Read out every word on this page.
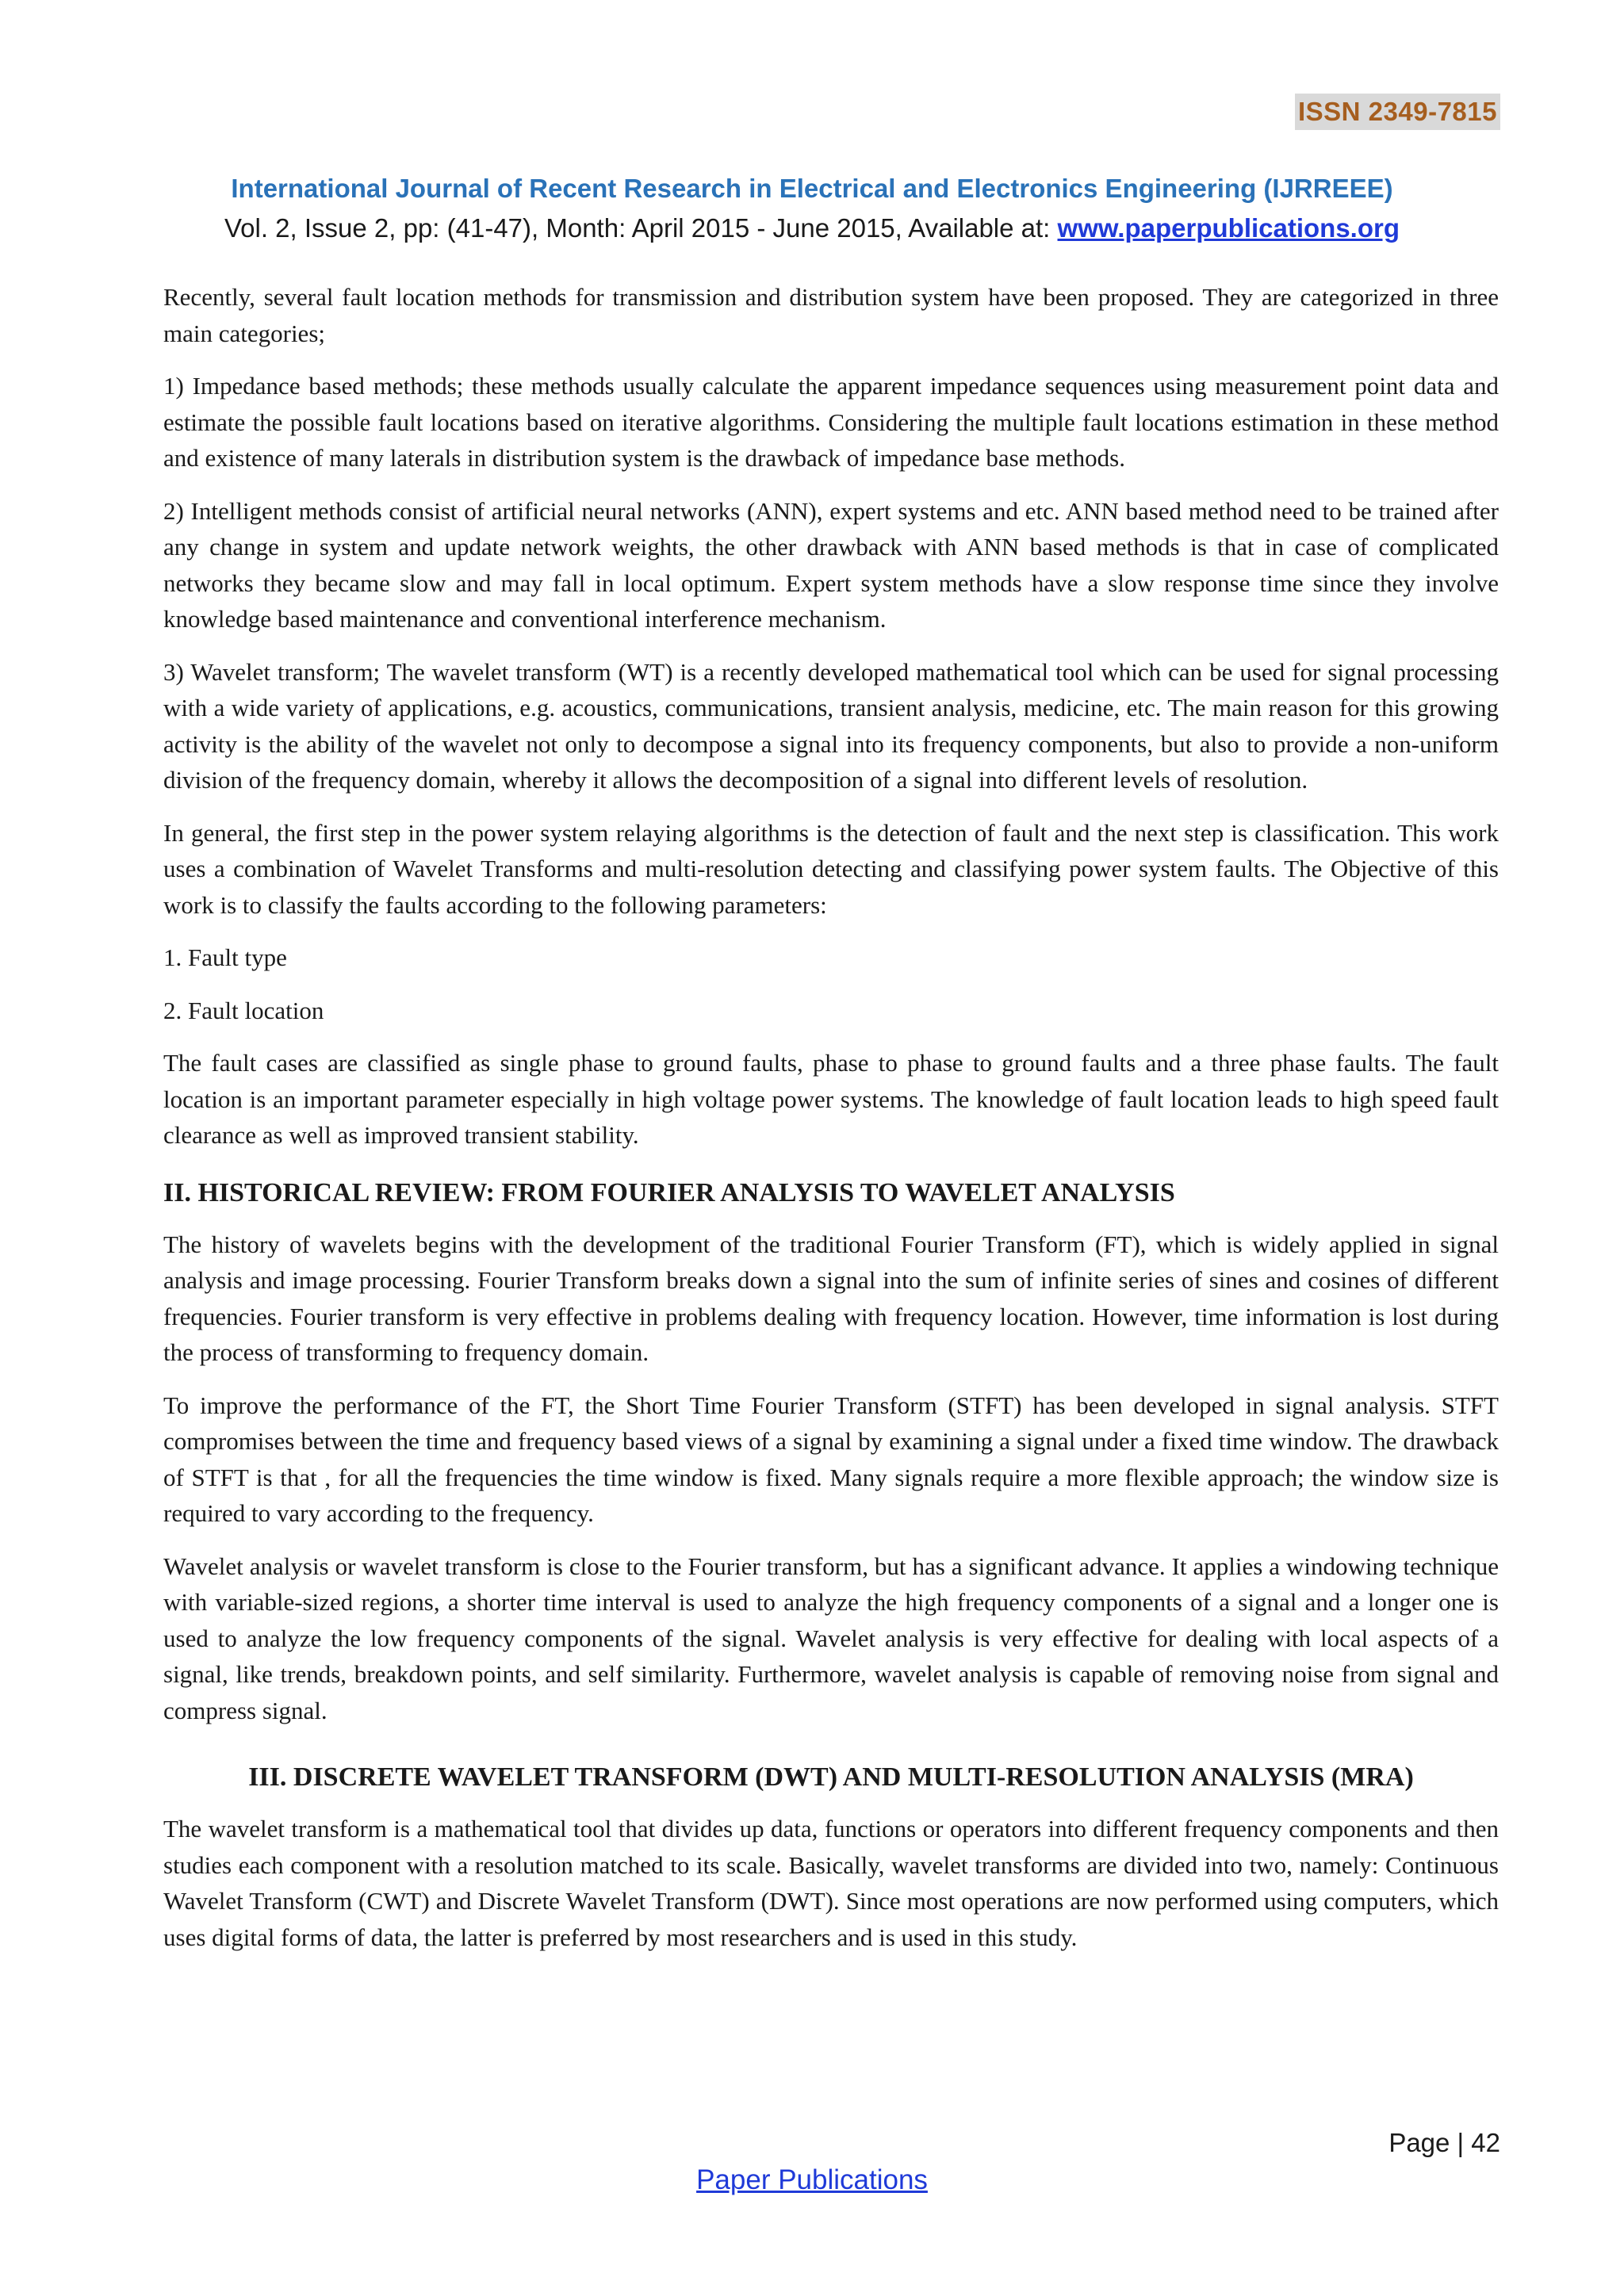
ISSN 2349-7815
International Journal of Recent Research in Electrical and Electronics Engineering (IJRREEE)
Vol. 2, Issue 2, pp: (41-47), Month: April 2015 - June 2015, Available at: www.paperpublications.org

Recently, several fault location methods for transmission and distribution system have been proposed. They are categorized in three main categories;

1) Impedance based methods; these methods usually calculate the apparent impedance sequences using measurement point data and estimate the possible fault locations based on iterative algorithms. Considering the multiple fault locations estimation in these method and existence of many laterals in distribution system is the drawback of impedance base methods.

2) Intelligent methods consist of artificial neural networks (ANN), expert systems and etc. ANN based method need to be trained after any change in system and update network weights, the other drawback with ANN based methods is that in case of complicated networks they became slow and may fall in local optimum. Expert system methods have a slow response time since they involve knowledge based maintenance and conventional interference mechanism.

3) Wavelet transform; The wavelet transform (WT) is a recently developed mathematical tool which can be used for signal processing with a wide variety of applications, e.g. acoustics, communications, transient analysis, medicine, etc. The main reason for this growing activity is the ability of the wavelet not only to decompose a signal into its frequency components, but also to provide a non-uniform division of the frequency domain, whereby it allows the decomposition of a signal into different levels of resolution.

In general, the first step in the power system relaying algorithms is the detection of fault and the next step is classification. This work uses a combination of Wavelet Transforms and multi-resolution detecting and classifying power system faults. The Objective of this work is to classify the faults according to the following parameters:

1. Fault type

2. Fault location

The fault cases are classified as single phase to ground faults, phase to phase to ground faults and a three phase faults. The fault location is an important parameter especially in high voltage power systems. The knowledge of fault location leads to high speed fault clearance as well as improved transient stability.

II. HISTORICAL REVIEW: FROM FOURIER ANALYSIS TO WAVELET ANALYSIS

The history of wavelets begins with the development of the traditional Fourier Transform (FT), which is widely applied in signal analysis and image processing. Fourier Transform breaks down a signal into the sum of infinite series of sines and cosines of different frequencies. Fourier transform is very effective in problems dealing with frequency location. However, time information is lost during the process of transforming to frequency domain.

To improve the performance of the FT, the Short Time Fourier Transform (STFT) has been developed in signal analysis. STFT compromises between the time and frequency based views of a signal by examining a signal under a fixed time window. The drawback of STFT is that , for all the frequencies the time window is fixed. Many signals require a more flexible approach; the window size is required to vary according to the frequency.

Wavelet analysis or wavelet transform is close to the Fourier transform, but has a significant advance. It applies a windowing technique with variable-sized regions, a shorter time interval is used to analyze the high frequency components of a signal and a longer one is used to analyze the low frequency components of the signal. Wavelet analysis is very effective for dealing with local aspects of a signal, like trends, breakdown points, and self similarity. Furthermore, wavelet analysis is capable of removing noise from signal and compress signal.

III. DISCRETE WAVELET TRANSFORM (DWT) AND MULTI-RESOLUTION ANALYSIS (MRA)

The wavelet transform is a mathematical tool that divides up data, functions or operators into different frequency components and then studies each component with a resolution matched to its scale. Basically, wavelet transforms are divided into two, namely: Continuous Wavelet Transform (CWT) and Discrete Wavelet Transform (DWT). Since most operations are now performed using computers, which uses digital forms of data, the latter is preferred by most researchers and is used in this study.

Page | 42
Paper Publications
